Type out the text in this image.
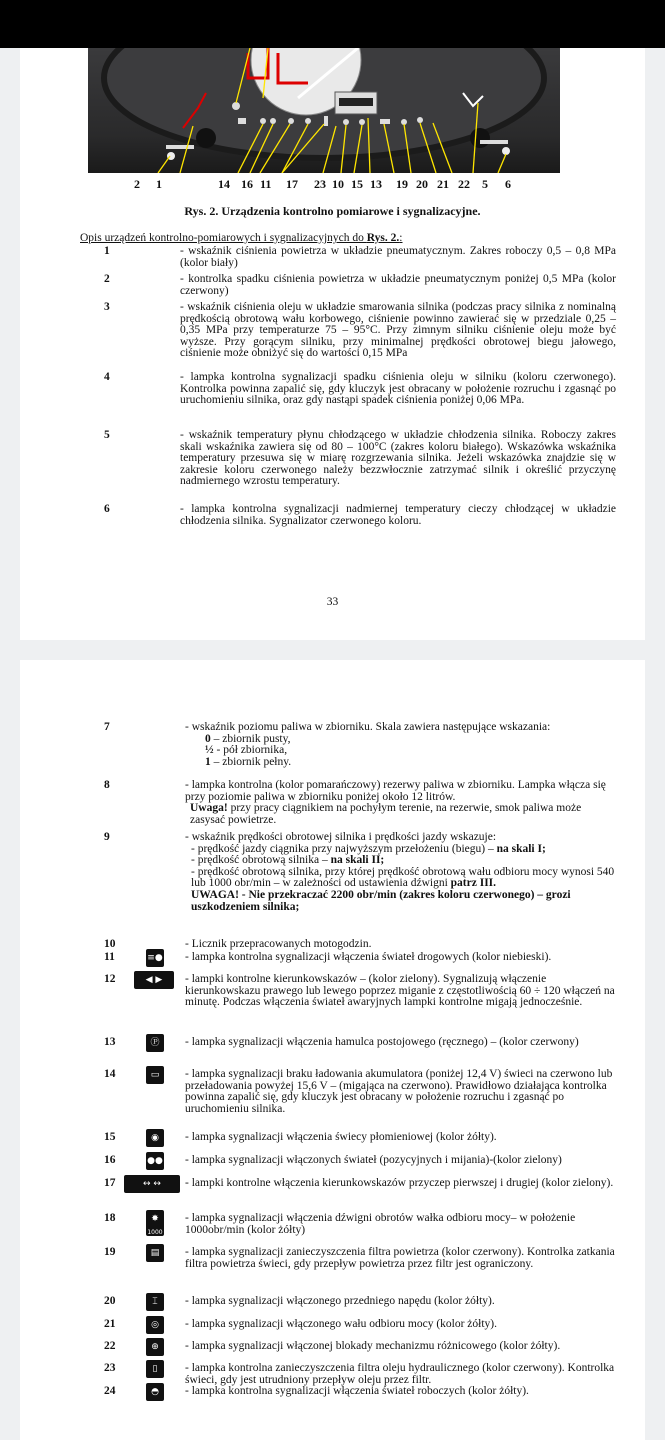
2 1	14 16 11 17 23 10 15 13 19 20 21 22 5 6
Rys. 2. Urządzenia kontrolno pomiarowe i sygnalizacyjne.
Opis urządzeń kontrolno-pomiarowych i sygnalizacyjnych do Rys. 2.:
1	- wskaźnik ciśnienia powietrza w układzie pneumatycznym. Zakres roboczy 0,5 – 0,8 MPa (kolor biały)
2	- kontrolka spadku ciśnienia powietrza w układzie pneumatycznym poniżej 0,5 MPa (kolor czerwony)
3	- wskaźnik ciśnienia oleju w układzie smarowania silnika (podczas pracy silnika z nominalną prędkością obrotową wału korbowego, ciśnienie powinno zawierać się w przedziale 0,25 – 0,35 MPa przy temperaturze 75 – 95°C. Przy zimnym silniku ciśnienie oleju może być wyższe. Przy gorącym silniku, przy minimalnej prędkości obrotowej biegu jałowego, ciśnienie może obniżyć się do wartości 0,15 MPa
4	- lampka kontrolna sygnalizacji spadku ciśnienia oleju w silniku (koloru czerwonego). Kontrolka powinna zapalić się, gdy kluczyk jest obracany w położenie rozruchu i zgasnąć po uruchomieniu silnika, oraz gdy nastąpi spadek ciśnienia poniżej 0,06 MPa.
5	- wskaźnik temperatury płynu chłodzącego w układzie chłodzenia silnika. Roboczy zakres skali wskaźnika zawiera się od 80 – 100°C (zakres koloru białego). Wskazówka wskaźnika temperatury przesuwa się w miarę rozgrzewania silnika. Jeżeli wskazówka znajdzie się w zakresie koloru czerwonego należy bezzwłocznie zatrzymać silnik i określić przyczynę nadmiernego wzrostu temperatury.
6	- lampka kontrolna sygnalizacji nadmiernej temperatury cieczy chłodzącej w układzie chłodzenia silnika. Sygnalizator czerwonego koloru.
33
7	- wskaźnik poziomu paliwa w zbiorniku. Skala zawiera następujące wskazania:
0 – zbiornik pusty,
½ - pół zbiornika,
1 – zbiornik pełny.
8	- lampka kontrolna (kolor pomarańczowy) rezerwy paliwa w zbiorniku. Lampka włącza się przy poziomie paliwa w zbiorniku poniżej około 12 litrów.
Uwaga! przy pracy ciągnikiem na pochyłym terenie, na rezerwie, smok paliwa może zasysać powietrze.
9	- wskaźnik prędkości obrotowej silnika i prędkości jazdy wskazuje:
- prędkość jazdy ciągnika przy najwyższym przełożeniu (biegu) – na skali I;
- prędkość obrotową silnika – na skali II;
- prędkość obrotową silnika, przy której prędkość obrotową wału odbioru mocy wynosi 540 lub 1000 obr/min – w zależności od ustawienia dźwigni patrz III.
UWAGA! - Nie przekraczać 2200 obr/min (zakres koloru czerwonego) – grozi uszkodzeniem silnika;
10	- Licznik przepracowanych motogodzin.
11	≡● - lampka kontrolna sygnalizacji włączenia świateł drogowych (kolor niebieski).
12	◀ ▶	- lampki kontrolne kierunkowskazów – (kolor zielony). Sygnalizują włączenie kierunkowskazu prawego lub lewego poprzez miganie z częstotliwością 60 ÷ 120 włączeń na minutę. Podczas włączenia świateł awaryjnych lampki kontrolne migają jednocześnie.
13	Ⓟ	- lampka sygnalizacji włączenia hamulca postojowego (ręcznego) – (kolor czerwony)
14	▭	- lampka sygnalizacji braku ładowania akumulatora (poniżej 12,4 V) świeci na czerwono lub przeładowania powyżej 15,6 V – (migająca na czerwono). Prawidłowo działająca kontrolka powinna zapalić się, gdy kluczyk jest obracany w położenie rozruchu i zgasnąć po uruchomieniu silnika.
15	◉	- lampka sygnalizacji włączenia świecy płomieniowej (kolor żółty).
16	●● - lampka sygnalizacji włączonych świateł (pozycyjnych i mijania)-(kolor zielony)
17	↔ ↔	- lampki kontrolne włączenia kierunkowskazów przyczep pierwszej i drugiej (kolor zielony).
18	✸
1000
- lampka sygnalizacji włączenia dźwigni obrotów wałka odbioru mocy– w położenie 1000obr/min (kolor żółty)
19	▤	- lampka sygnalizacji zanieczyszczenia filtra powietrza (kolor czerwony). Kontrolka zatkania filtra powietrza świeci, gdy przepływ powietrza przez filtr jest ograniczony.
20	⌶	- lampka sygnalizacji włączonego przedniego napędu (kolor żółty).
21	◎	- lampka sygnalizacji włączonego wału odbioru mocy (kolor żółty).
22	⊕	- lampka sygnalizacji włączonej blokady mechanizmu różnicowego (kolor żółty).
23	▯	- lampka kontrolna zanieczyszczenia filtra oleju hydraulicznego (kolor czerwony). Kontrolka świeci, gdy jest utrudniony przepływ oleju przez filtr.
24	◓	- lampka kontrolna sygnalizacji włączenia świateł roboczych (kolor żółty).
